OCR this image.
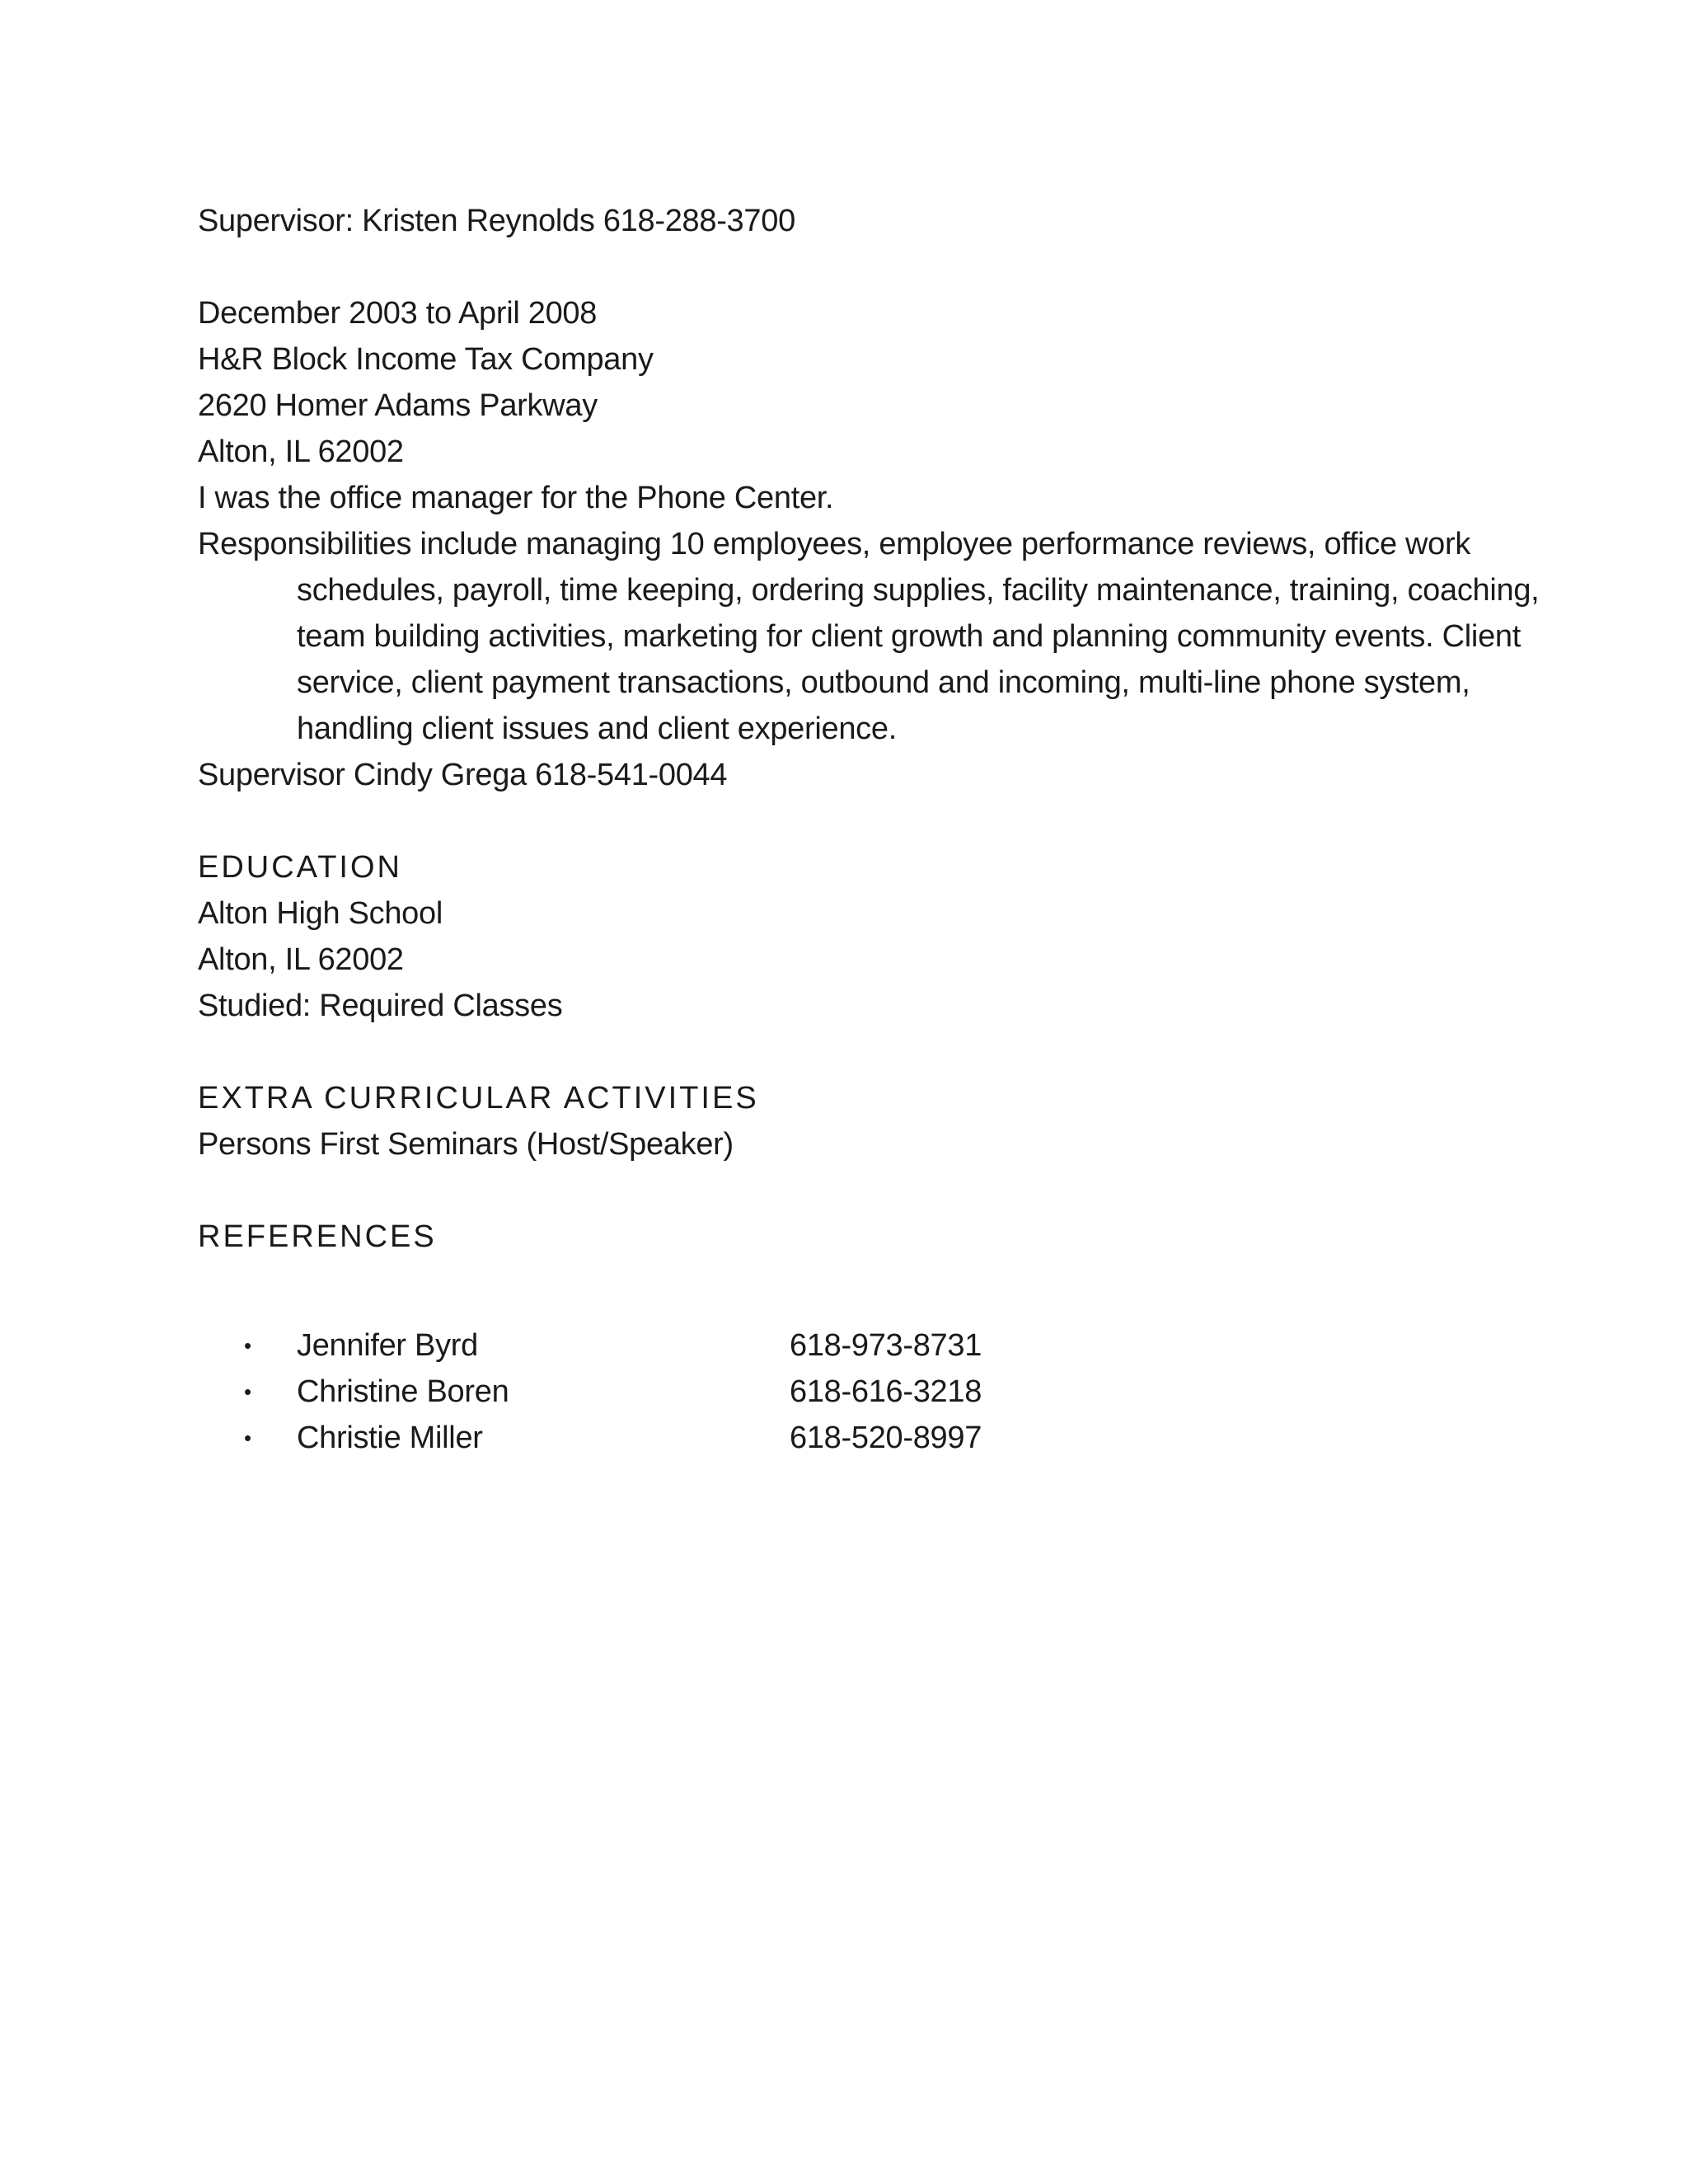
Supervisor: Kristen Reynolds 618-288-3700

December 2003 to April 2008

H&R Block Income Tax Company

2620 Homer Adams Parkway

Alton, IL 62002

I was the office manager for the Phone Center.

Responsibilities include managing 10 employees, employee performance reviews, office work schedules, payroll, time keeping, ordering supplies, facility maintenance, training, coaching, team building activities, marketing for client growth and planning community events. Client service, client payment transactions, outbound and incoming, multi-line phone system, handling client issues and client experience.

Supervisor Cindy Grega 618-541-0044

EDUCATION

Alton High School

Alton, IL 62002

Studied: Required Classes

EXTRA CURRICULAR ACTIVITIES

Persons First Seminars (Host/Speaker)

REFERENCES

• Jennifer Byrd	618-973-8731
• Christine Boren	618-616-3218
• Christie Miller	618-520-8997
